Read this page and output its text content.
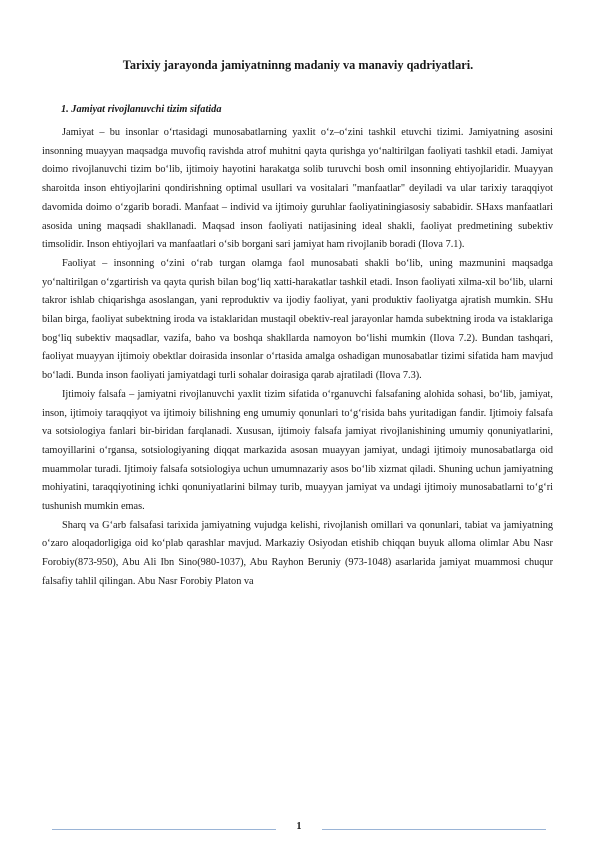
Tarixiy jarayonda jamiyatninng madaniy va manaviy qadriyatlari.
1. Jamiyat rivojlanuvchi tizim sifatida

Jamiyat – bu insonlar o‘rtasidagi munosabatlarning yaxlit o‘z–o‘zini tashkil etuvchi tizimi. Jamiyatning asosini insonning muayyan maqsadga muvofiq ravishda atrof muhitni qayta qurishga yo‘naltirilgan faoliyati tashkil etadi. Jamiyat doimo rivojlanuvchi tizim bo‘lib, ijtimoiy hayotini harakatga solib turuvchi bosh omil insonning ehtiyojlaridir. Muayyan sharoitda inson ehtiyojlarini qondirishning optimal usullari va vositalari "manfaatlar" deyiladi va ular tarixiy taraqqiyot davomida doimo o‘zgarib boradi. Manfaat – individ va ijtimoiy guruhlar faoliyatiningiasosiy sababidir. SHaxs manfaatlari asosida uning maqsadi shakllanadi. Maqsad inson faoliyati natijasining ideal shakli, faoliyat predmetining subektiv timsolidir. Inson ehtiyojlari va manfaatlari o‘sib borgani sari jamiyat ham rivojlanib boradi (Ilova 7.1).

Faoliyat – insonning o‘zini o‘rab turgan olamga faol munosabati shakli bo‘lib, uning mazmunini maqsadga yo‘naltirilgan o‘zgartirish va qayta qurish bilan bog‘liq xatti-harakatlar tashkil etadi. Inson faoliyati xilma-xil bo‘lib, ularni takror ishlab chiqarishga asoslangan, yani reproduktiv va ijodiy faoliyat, yani produktiv faoliyatga ajratish mumkin. SHu bilan birga, faoliyat subektning iroda va istaklaridan mustaqil obektiv-real jarayonlar hamda subektning iroda va istaklariga bog‘liq subektiv maqsadlar, vazifa, baho va boshqa shakllarda namoyon bo‘lishi mumkin (Ilova 7.2). Bundan tashqari, faoliyat muayyan ijtimoiy obektlar doirasida insonlar o‘rtasida amalga oshadigan munosabatlar tizimi sifatida ham mavjud bo‘ladi. Bunda inson faoliyati jamiyatdagi turli sohalar doirasiga qarab ajratiladi (Ilova 7.3).

Ijtimoiy falsafa – jamiyatni rivojlanuvchi yaxlit tizim sifatida o‘rganuvchi falsafaning alohida sohasi, bo‘lib, jamiyat, inson, ijtimoiy taraqqiyot va ijtimoiy bilishning eng umumiy qonunlari to‘g‘risida bahs yuritadigan fandir. Ijtimoiy falsafa va sotsiologiya fanlari bir-biridan farqlanadi. Xususan, ijtimoiy falsafa jamiyat rivojlanishining umumiy qonuniyatlarini, tamoyillarini o‘rgansa, sotsiologiyaning diqqat markazida asosan muayyan jamiyat, undagi ijtimoiy munosabatlarga oid muammolar turadi. Ijtimoiy falsafa sotsiologiya uchun umumnazariy asos bo‘lib xizmat qiladi. Shuning uchun jamiyatning mohiyatini, taraqqiyotining ichki qonuniyatlarini bilmay turib, muayyan jamiyat va undagi ijtimoiy munosabatlarni to‘g‘ri tushunish mumkin emas.

Sharq va G‘arb falsafasi tarixida jamiyatning vujudga kelishi, rivojlanish omillari va qonunlari, tabiat va jamiyatning o‘zaro aloqadorligiga oid ko‘plab qarashlar mavjud. Markaziy Osiyodan etishib chiqqan buyuk alloma olimlar Abu Nasr Forobiy(873-950), Abu Ali Ibn Sino(980-1037), Abu Rayhon Beruniy (973-1048) asarlarida jamiyat muammosi chuqur falsafiy tahlil qilingan. Abu Nasr Forobiy Platon va

1
